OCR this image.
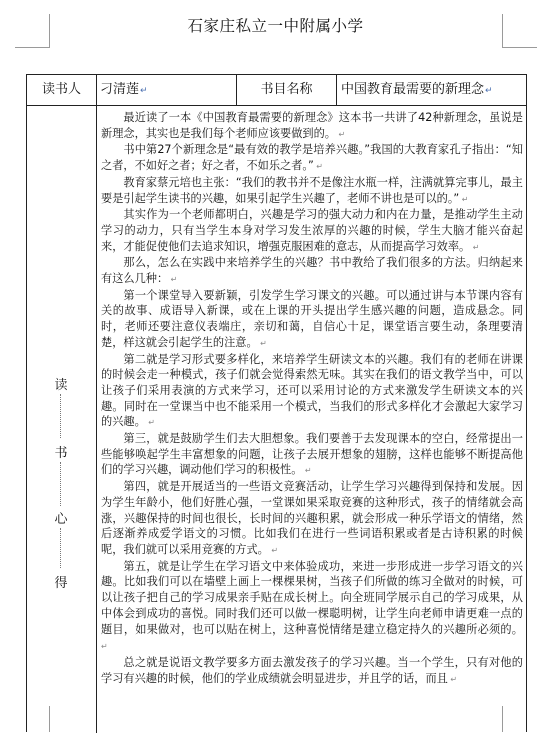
石家庄私立一中附属小学
读书人	刁清莲↵	书目名称	中国教育最需要的新理念↵
读
书
心
得

最近读了一本《中国教育最需要的新理念》这本书一共讲了42种新理念，虽说是新理念，其实也是我们每个老师应该要做到的。 ↵

书中第27个新理念是“最有效的教学是培养兴趣。”我国的大教育家孔子指出：“知之者，不如好之者；好之者，不如乐之者。” ↵

教育家蔡元培也主张：“我们的教书并不是像注水瓶一样，注满就算完事儿，最主要是引起学生读书的兴趣，如果引起学生兴趣了，老师不讲也是可以的。” ↵

其实作为一个老师都明白，兴趣是学习的强大动力和内在力量，是推动学生主动学习的动力，只有当学生本身对学习发生浓厚的兴趣的时候，学生大脑才能兴奋起来，才能促使他们去追求知识，增强克服困难的意志，从而提高学习效率。 ↵

那么，怎么在实践中来培养学生的兴趣？书中教给了我们很多的方法。归纳起来有这么几种： ↵

第一个课堂导入要新颖，引发学生学习课文的兴趣。可以通过讲与本节课内容有关的故事、成语导入新课，或在上课的开头提出学生感兴趣的问题，造成悬念。同时，老师还要注意仪表端庄，亲切和蔼，自信心十足，课堂语言要生动，条理要清楚，样这就会引起学生的注意。 ↵

第二就是学习形式要多样化，来培养学生研读文本的兴趣。我们有的老师在讲课的时候会走一种模式，孩子们就会觉得索然无味。其实在我们的语文教学当中，可以让孩子们采用表演的方式来学习，还可以采用讨论的方式来激发学生研读文本的兴趣。同时在一堂课当中也不能采用一个模式，当我们的形式多样化才会激起大家学习的兴趣。 ↵

第三，就是鼓励学生们去大胆想象。我们要善于去发现课本的空白，经常提出一些能够唤起学生丰富想象的问题，让孩子去展开想象的翅膀，这样也能够不断提高他们的学习兴趣，调动他们学习的积极性。 ↵

第四，就是开展适当的一些语文竞赛活动，让学生学习兴趣得到保持和发展。因为学生年龄小，他们好胜心强，一堂课如果采取竞赛的这种形式，孩子的情绪就会高涨，兴趣保持的时间也很长，长时间的兴趣积累，就会形成一种乐学语文的情绪，然后逐渐养成爱学语文的习惯。比如我们在进行一些词语积累或者是古诗积累的时候呢，我们就可以采用竞赛的方式。 ↵

第五，就是让学生在学习语文中来体验成功，来进一步形成进一步学习语文的兴趣。比如我们可以在墙壁上画上一棵棵果树，当孩子们所做的练习全做对的时候，可以让孩子把自己的学习成果亲手贴在成长树上。向全班同学展示自己的学习成果，从中体会到成功的喜悦。同时我们还可以做一棵聪明树，让学生向老师申请更难一点的题目，如果做对，也可以贴在树上，这种喜悦情绪是建立稳定持久的兴趣所必须的。 ↵

总之就是说语文教学要多方面去激发孩子的学习兴趣。当一个学生，只有对他的学习有兴趣的时候，他们的学业成绩就会明显进步，并且学的话，而且 ↵
